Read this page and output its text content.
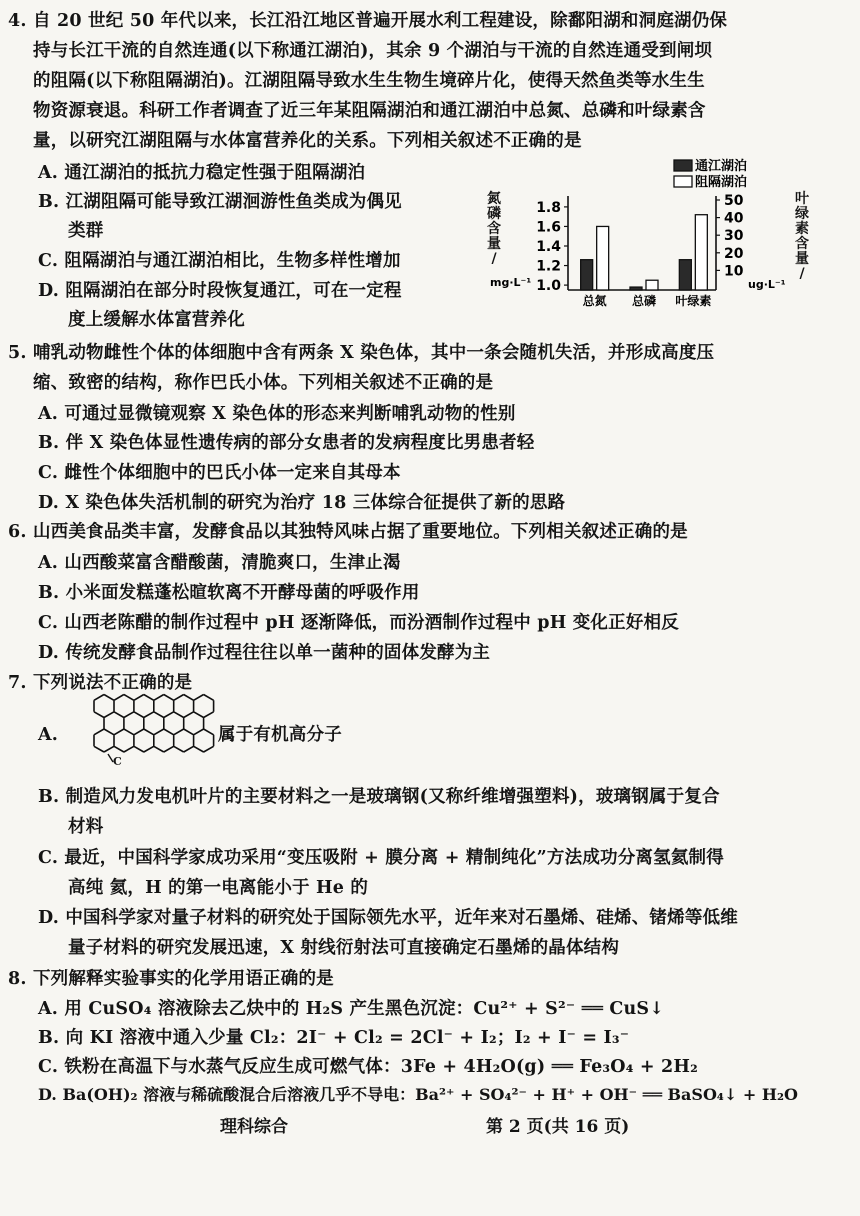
4. 自 20 世纪 50 年代以来，长江沿江地区普遍开展水利工程建设，除鄱阳湖和洞庭湖仍保
持与长江干流的自然连通(以下称通江湖泊)，其余 9 个湖泊与干流的自然连通受到闸坝
的阻隔(以下称阻隔湖泊)。江湖阻隔导致水生生物生境碎片化，使得天然鱼类等水生生
物资源衰退。科研工作者调查了近三年某阻隔湖泊和通江湖泊中总氮、总磷和叶绿素含
量，以研究江湖阻隔与水体富营养化的关系。下列相关叙述不正确的是
A. 通江湖泊的抵抗力稳定性强于阻隔湖泊
B. 江湖阻隔可能导致江湖洄游性鱼类成为偶见
类群
C. 阻隔湖泊与通江湖泊相比，生物多样性增加
D. 阻隔湖泊在部分时段恢复通江，可在一定程
度上缓解水体富营养化
氮
磷
含
量
/
叶
绿
素
含
量
/
1.0
1.2
1.4
1.6
1.8
10
20
30
40
50
总氮 总磷 叶绿素
通江湖泊
阻隔湖泊
mg·L⁻¹	ug·L⁻¹
5. 哺乳动物雌性个体的体细胞中含有两条 X 染色体，其中一条会随机失活，并形成高度压
缩、致密的结构，称作巴氏小体。下列相关叙述不正确的是
A. 可通过显微镜观察 X 染色体的形态来判断哺乳动物的性别
B. 伴 X 染色体显性遗传病的部分女患者的发病程度比男患者轻
C. 雌性个体细胞中的巴氏小体一定来自其母本
D. X 染色体失活机制的研究为治疗 18 三体综合征提供了新的思路
6. 山西美食品类丰富，发酵食品以其独特风味占据了重要地位。下列相关叙述正确的是
A. 山西酸菜富含醋酸菌，清脆爽口，生津止渴
B. 小米面发糕蓬松暄软离不开酵母菌的呼吸作用
C. 山西老陈醋的制作过程中 pH 逐渐降低，而汾酒制作过程中 pH 变化正好相反
D. 传统发酵食品制作过程往往以单一菌种的固体发酵为主
7. 下列说法不正确的是
A.
C
属于有机高分子
B. 制造风力发电机叶片的主要材料之一是玻璃钢(又称纤维增强塑料)，玻璃钢属于复合
材料
C. 最近，中国科学家成功采用“变压吸附 + 膜分离 + 精制纯化”方法成功分离氢氦制得
高纯 氦，H 的第一电离能小于 He 的
D. 中国科学家对量子材料的研究处于国际领先水平，近年来对石墨烯、硅烯、锗烯等低维
量子材料的研究发展迅速，X 射线衍射法可直接确定石墨烯的晶体结构
8. 下列解释实验事实的化学用语正确的是
A. 用 CuSO₄ 溶液除去乙炔中的 H₂S 产生黑色沉淀：Cu²⁺ + S²⁻ ══ CuS↓
B. 向 KI 溶液中通入少量 Cl₂：2I⁻ + Cl₂ = 2Cl⁻ + I₂；I₂ + I⁻ = I₃⁻
C. 铁粉在高温下与水蒸气反应生成可燃气体：3Fe + 4H₂O(g) ══ Fe₃O₄ + 2H₂
D. Ba(OH)₂ 溶液与稀硫酸混合后溶液几乎不导电：Ba²⁺ + SO₄²⁻ + H⁺ + OH⁻ ══ BaSO₄↓ + H₂O
理科综合	第 2 页(共 16 页)
